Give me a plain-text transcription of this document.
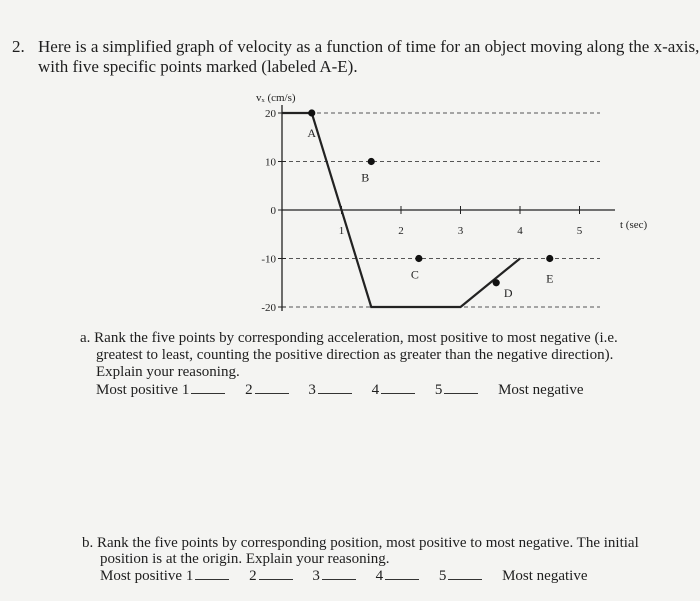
2. Here is a simplified graph of velocity as a function of time for an object moving along the x-axis,
with five specific points marked (labeled A-E).
20
10
0
-10
-20
1	2	3	4	5
vₓ (cm/s)
t (sec)
A
B
C
D
E
a. Rank the five points by corresponding acceleration, most positive to most negative (i.e.
greatest to least, counting the positive direction as greater than the negative direction).
Explain your reasoning.
Most positive 1	2	3	4	5	Most negative
b. Rank the five points by corresponding position, most positive to most negative. The initial
position is at the origin. Explain your reasoning.
Most positive 1	2	3	4	5	Most negative
